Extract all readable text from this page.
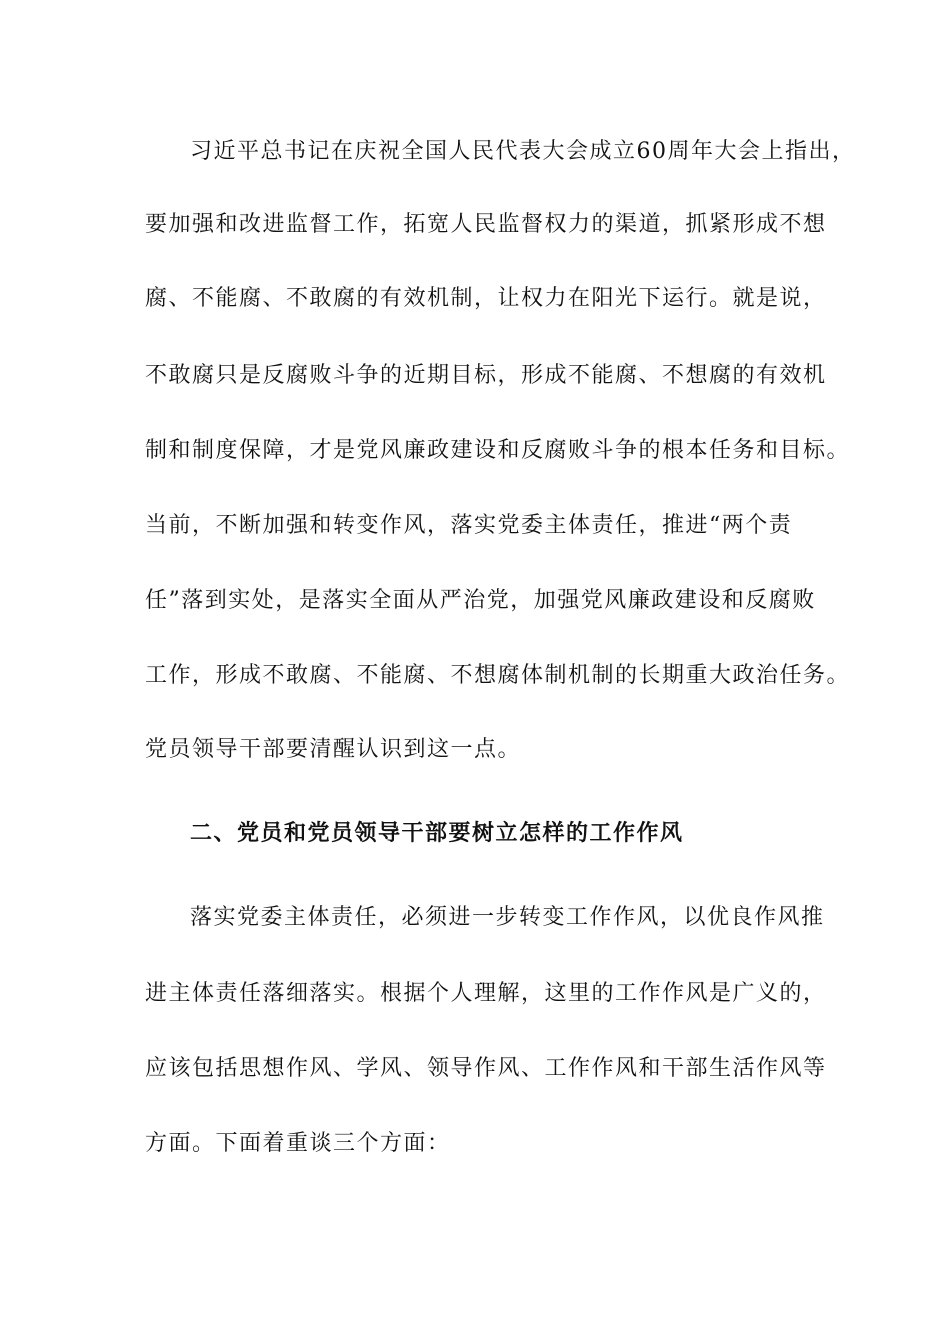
习近平总书记在庆祝全国人民代表大会成立60周年大会上指出，
要加强和改进监督工作，拓宽人民监督权力的渠道，抓紧形成不想
腐、不能腐、不敢腐的有效机制，让权力在阳光下运行。就是说，
不敢腐只是反腐败斗争的近期目标，形成不能腐、不想腐的有效机
制和制度保障，才是党风廉政建设和反腐败斗争的根本任务和目标。
当前，不断加强和转变作风，落实党委主体责任，推进“两个责
任”落到实处，是落实全面从严治党，加强党风廉政建设和反腐败
工作，形成不敢腐、不能腐、不想腐体制机制的长期重大政治任务。
党员领导干部要清醒认识到这一点。
二、党员和党员领导干部要树立怎样的工作作风
落实党委主体责任，必须进一步转变工作作风，以优良作风推
进主体责任落细落实。根据个人理解，这里的工作作风是广义的，
应该包括思想作风、学风、领导作风、工作作风和干部生活作风等
方面。下面着重谈三个方面：
